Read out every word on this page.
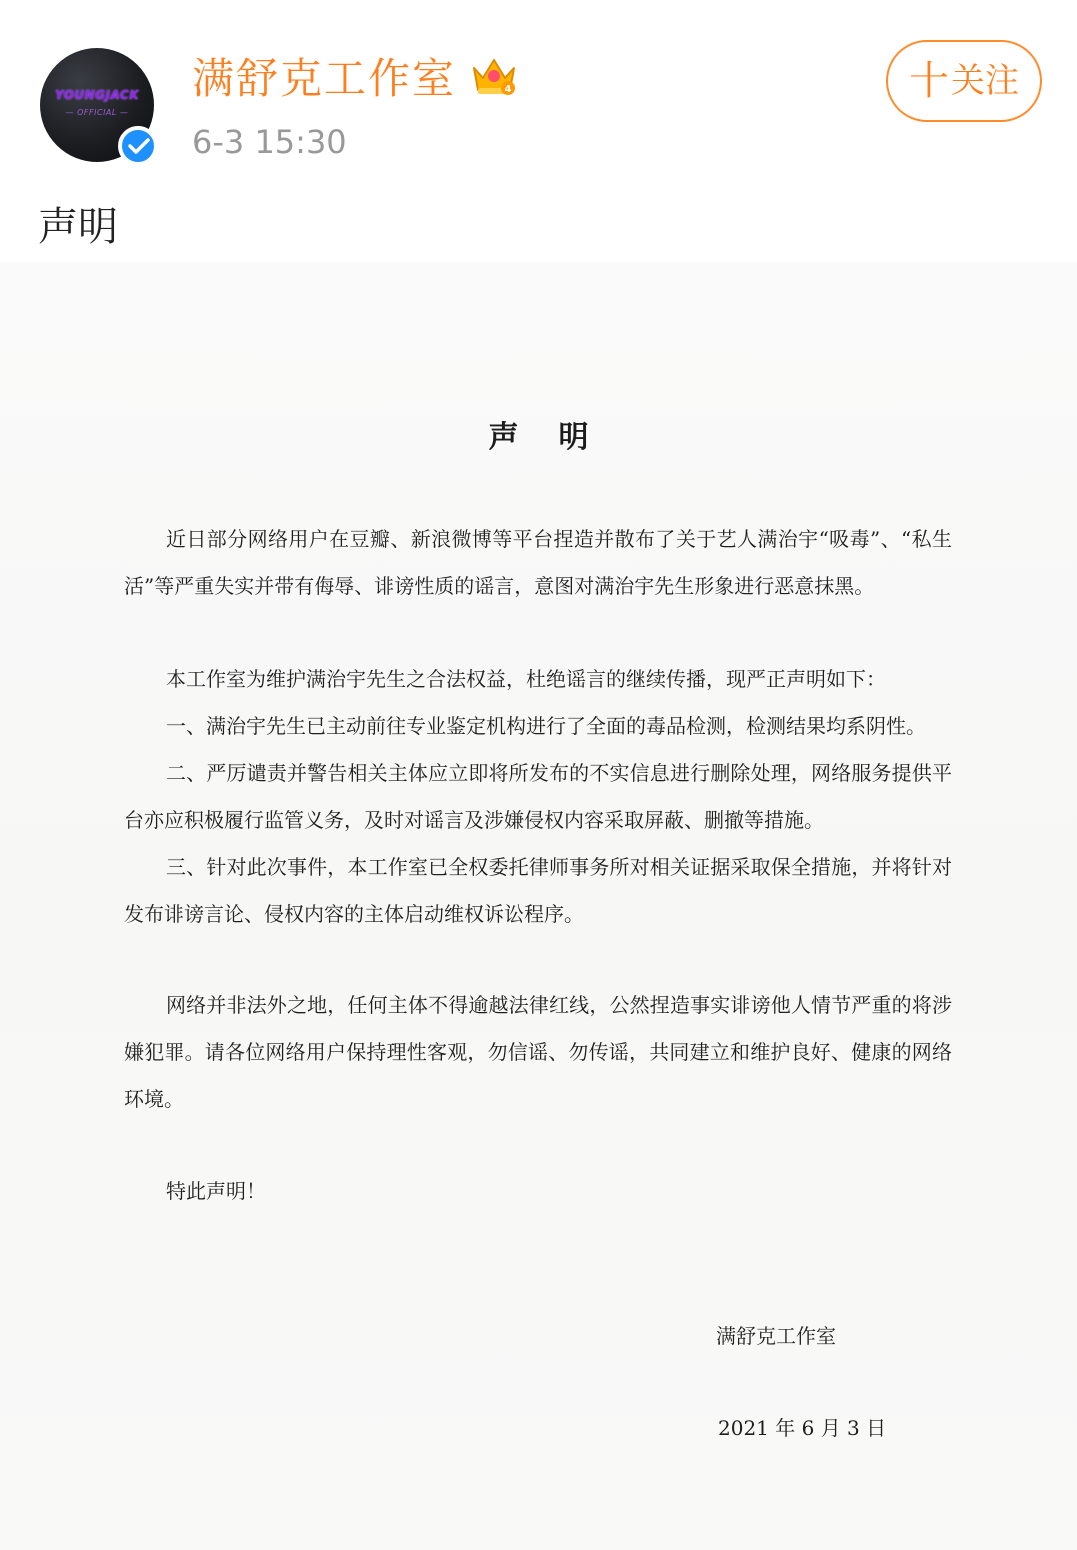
YOUNGJACK
— OFFICIAL —
满舒克工作室	4
6-3 15:30
十关注
声明
声明
近日部分网络用户在豆瓣、新浪微博等平台捏造并散布了关于艺人满治宇“吸毒”、“私生活”等严重失实并带有侮辱、诽谤性质的谣言，意图对满治宇先生形象进行恶意抹黑。
本工作室为维护满治宇先生之合法权益，杜绝谣言的继续传播，现严正声明如下：
一、满治宇先生已主动前往专业鉴定机构进行了全面的毒品检测，检测结果均系阴性。
二、严厉谴责并警告相关主体应立即将所发布的不实信息进行删除处理，网络服务提供平台亦应积极履行监管义务，及时对谣言及涉嫌侵权内容采取屏蔽、删撤等措施。
三、针对此次事件，本工作室已全权委托律师事务所对相关证据采取保全措施，并将针对发布诽谤言论、侵权内容的主体启动维权诉讼程序。
网络并非法外之地，任何主体不得逾越法律红线，公然捏造事实诽谤他人情节严重的将涉嫌犯罪。请各位网络用户保持理性客观，勿信谣、勿传谣，共同建立和维护良好、健康的网络环境。
特此声明！
满舒克工作室
2021 年 6 月 3 日
